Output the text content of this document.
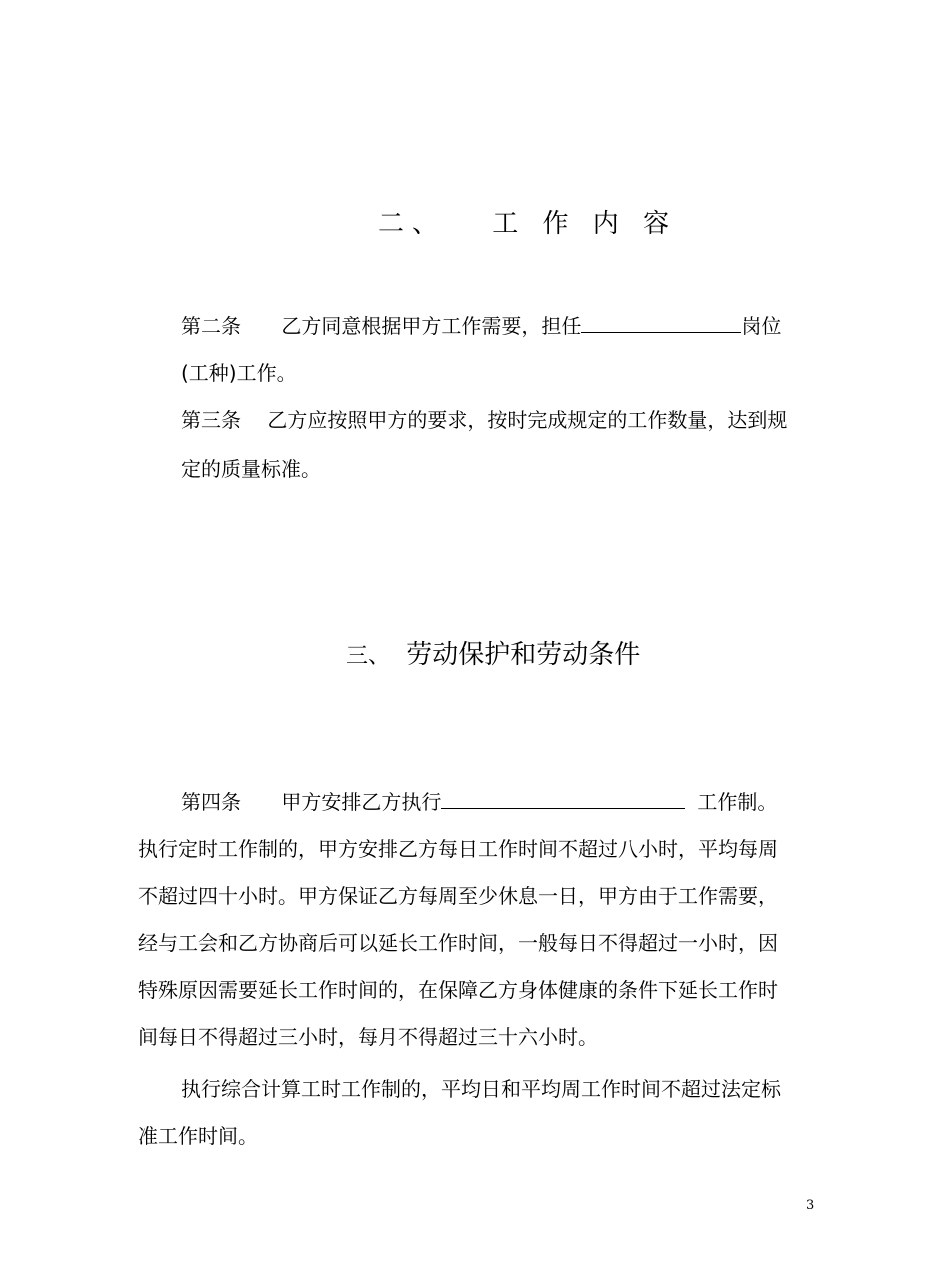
二、 工 作 内 容
第二条 乙方同意根据甲方工作需要，担任	岗位
(工种)工作。
第三条 乙方应按照甲方的要求，按时完成规定的工作数量，达到规
定的质量标准。
三、 劳动保护和劳动条件
第四条 甲方安排乙方执行	工作制。
执行定时工作制的，甲方安排乙方每日工作时间不超过八小时，平均每周
不超过四十小时。甲方保证乙方每周至少休息一日，甲方由于工作需要，
经与工会和乙方协商后可以延长工作时间，一般每日不得超过一小时，因
特殊原因需要延长工作时间的，在保障乙方身体健康的条件下延长工作时
间每日不得超过三小时，每月不得超过三十六小时。
执行综合计算工时工作制的，平均日和平均周工作时间不超过法定标
准工作时间。
3
